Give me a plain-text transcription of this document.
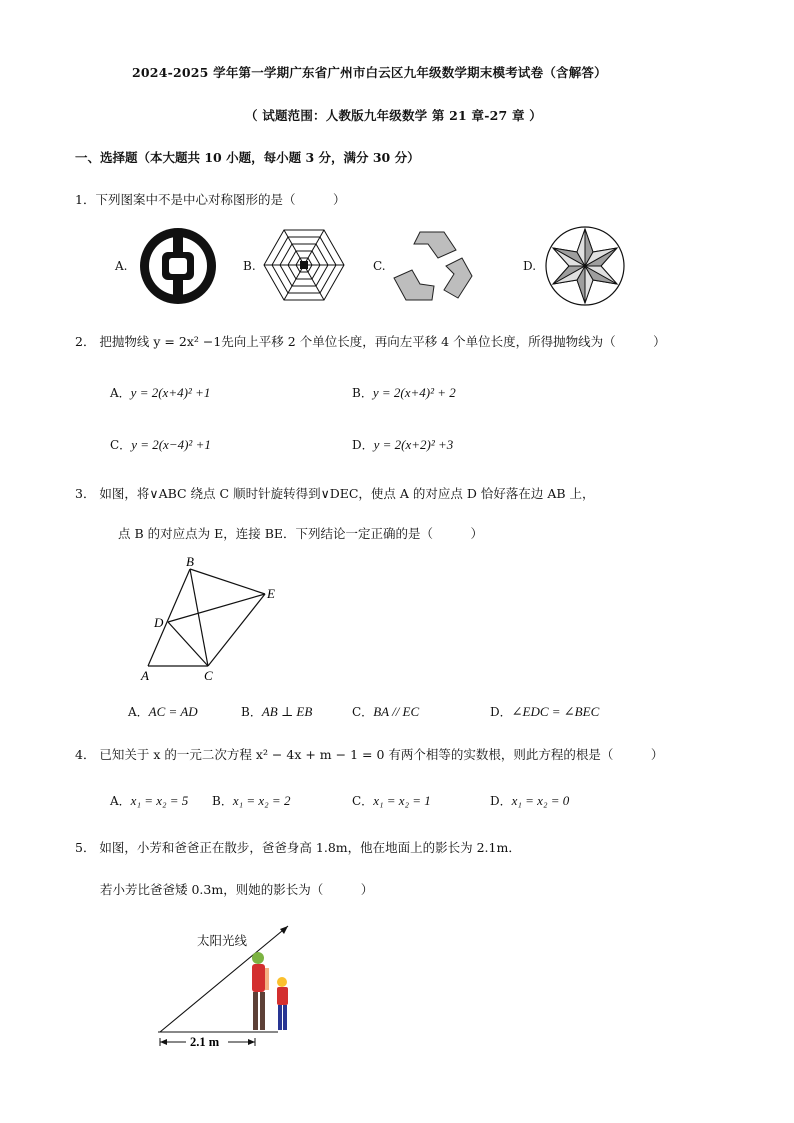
2024-2025 学年第一学期广东省广州市白云区九年级数学期末模考试卷（含解答）
（ 试题范围：人教版九年级数学 第 21 章-27 章 ）
一、选择题（本大题共 10 小题，每小题 3 分，满分 30 分）
1．下列图案中不是中心对称图形的是（　　　）
A.	B.	C.	D.
2． 把抛物线 y = 2x² −1先向上平移 2 个单位长度，再向左平移 4 个单位长度，所得抛物线为（　　　）
A．y = 2(x+4)² +1	B．y = 2(x+4)² + 2
C．y = 2(x−4)² +1	D．y = 2(x+2)² +3
3． 如图，将∨ABC 绕点 C 顺时针旋转得到∨DEC，使点 A 的对应点 D 恰好落在边 AB 上，
点 B 的对应点为 E，连接 BE．下列结论一定正确的是（　　　）
B
E
D
A	C
A．AC = AD	B．AB ⊥ EB	C．BA // EC	D．∠EDC = ∠BEC
4． 已知关于 x 的一元二次方程 x² − 4x + m − 1 = 0 有两个相等的实数根，则此方程的根是（　　　）
A．x₁ = x₂ = 5 B．x₁ = x₂ = 2	C．x₁ = x₂ = 1	D．x₁ = x₂ = 0
5． 如图，小芳和爸爸正在散步，爸爸身高 1.8m，他在地面上的影长为 2.1m．
若小芳比爸爸矮 0.3m，则她的影长为（　　　）
太阳光线
2.1 m
